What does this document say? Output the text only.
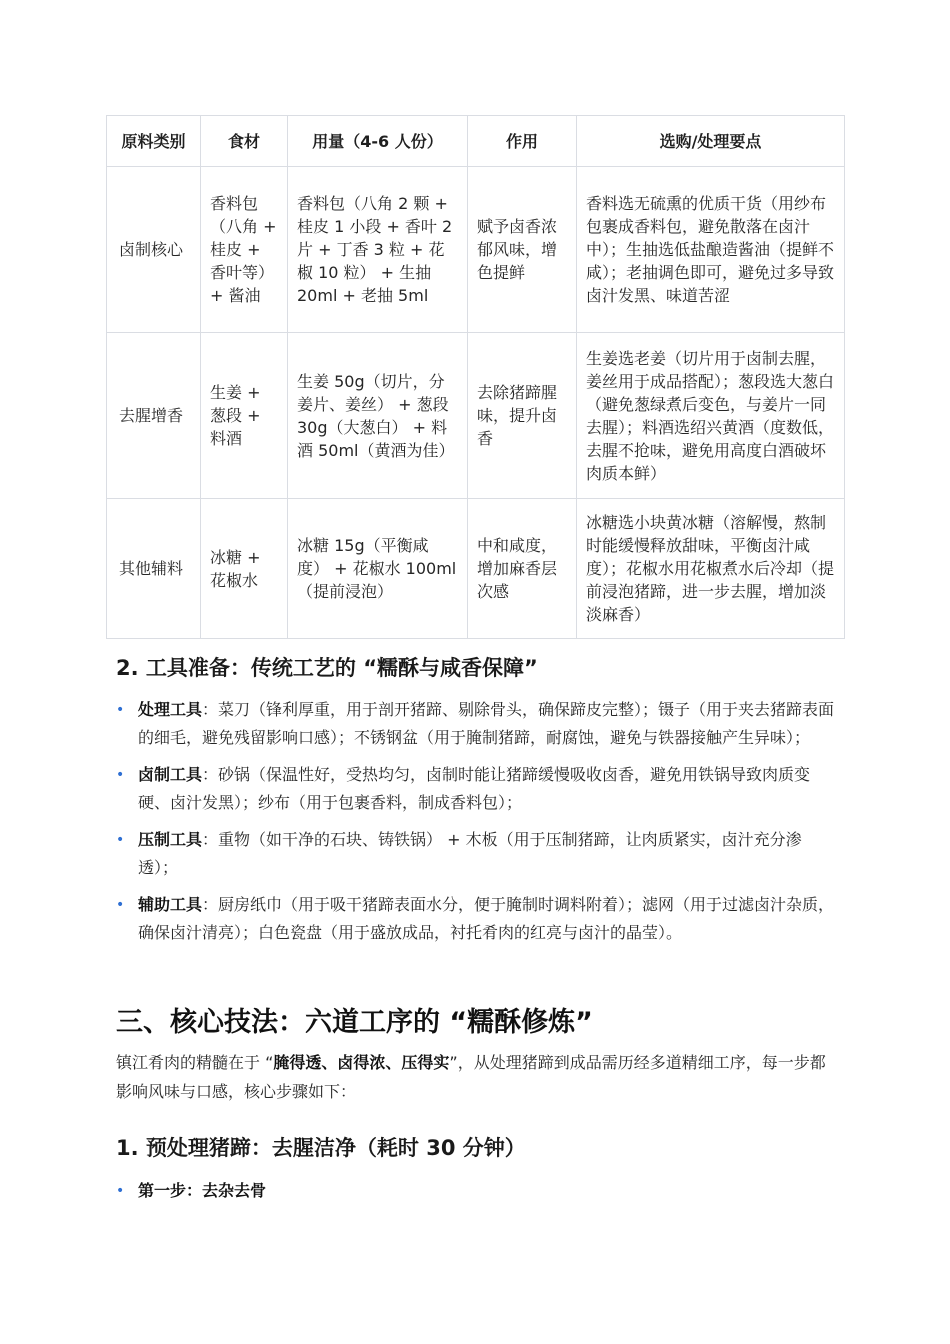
原料类别	食材	用量（4-6 人份）	作用	选购/处理要点
卤制核心	香料包（八角 + 桂皮 + 香叶等）+ 酱油	香料包（八角 2 颗 + 桂皮 1 小段 + 香叶 2 片 + 丁香 3 粒 + 花椒 10 粒） + 生抽 20ml + 老抽 5ml	赋予卤香浓郁风味，增色提鲜	香料选无硫熏的优质干货（用纱布包裹成香料包，避免散落在卤汁中）；生抽选低盐酿造酱油（提鲜不咸）；老抽调色即可，避免过多导致卤汁发黑、味道苦涩
去腥增香	生姜 + 葱段 + 料酒	生姜 50g（切片，分姜片、姜丝） + 葱段 30g（大葱白） + 料酒 50ml（黄酒为佳）	去除猪蹄腥味，提升卤香	生姜选老姜（切片用于卤制去腥，姜丝用于成品搭配）；葱段选大葱白（避免葱绿煮后变色，与姜片一同去腥）；料酒选绍兴黄酒（度数低，去腥不抢味，避免用高度白酒破坏肉质本鲜）
其他辅料	冰糖 + 花椒水	冰糖 15g（平衡咸度） + 花椒水 100ml（提前浸泡）	中和咸度，增加麻香层次感	冰糖选小块黄冰糖（溶解慢，熬制时能缓慢释放甜味，平衡卤汁咸度）；花椒水用花椒煮水后冷却（提前浸泡猪蹄，进一步去腥，增加淡淡麻香）
2. 工具准备：传统工艺的 “糯酥与咸香保障”
• 处理工具：菜刀（锋利厚重，用于剖开猪蹄、剔除骨头，确保蹄皮完整）；镊子（用于夹去猪蹄表面的细毛，避免残留影响口感）；不锈钢盆（用于腌制猪蹄，耐腐蚀，避免与铁器接触产生异味）；
• 卤制工具：砂锅（保温性好，受热均匀，卤制时能让猪蹄缓慢吸收卤香，避免用铁锅导致肉质变硬、卤汁发黑）；纱布（用于包裹香料，制成香料包）；
• 压制工具：重物（如干净的石块、铸铁锅） + 木板（用于压制猪蹄，让肉质紧实，卤汁充分渗透）；
• 辅助工具：厨房纸巾（用于吸干猪蹄表面水分，便于腌制时调料附着）；滤网（用于过滤卤汁杂质，确保卤汁清亮）；白色瓷盘（用于盛放成品，衬托肴肉的红亮与卤汁的晶莹）。
三、核心技法：六道工序的 “糯酥修炼”

镇江肴肉的精髓在于 “腌得透、卤得浓、压得实”，从处理猪蹄到成品需历经多道精细工序，每一步都影响风味与口感，核心步骤如下：

1. 预处理猪蹄：去腥洁净（耗时 30 分钟）
• 第一步：去杂去骨
